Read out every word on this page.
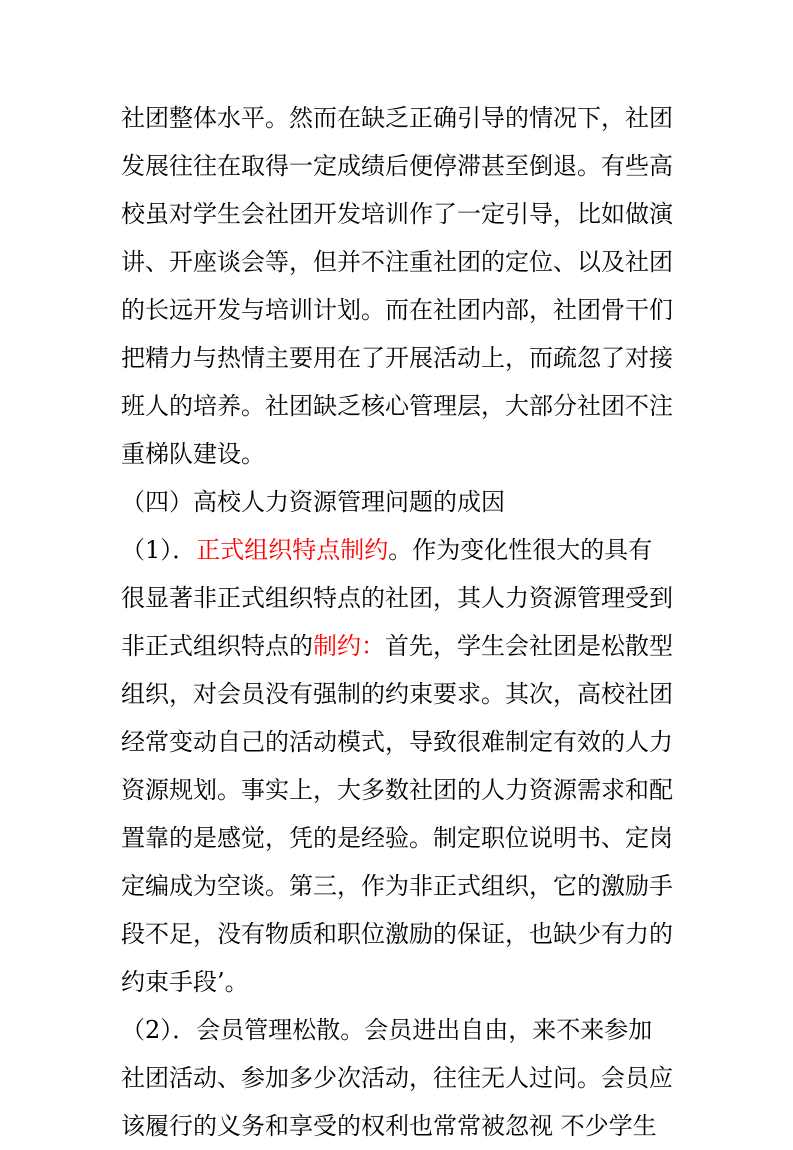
社团整体水平。然而在缺乏正确引导的情况下，社团
发展往往在取得一定成绩后便停滞甚至倒退。有些高
校虽对学生会社团开发培训作了一定引导，比如做演
讲、开座谈会等，但并不注重社团的定位、以及社团
的长远开发与培训计划。而在社团内部，社团骨干们
把精力与热情主要用在了开展活动上，而疏忽了对接
班人的培养。社团缺乏核心管理层，大部分社团不注
重梯队建设。
（四）高校人力资源管理问题的成因
（1）．正式组织特点制约。作为变化性很大的具有
很显著非正式组织特点的社团，其人力资源管理受到
非正式组织特点的制约：首先，学生会社团是松散型
组织，对会员没有强制的约束要求。其次，高校社团
经常变动自己的活动模式，导致很难制定有效的人力
资源规划。事实上，大多数社团的人力资源需求和配
置靠的是感觉，凭的是经验。制定职位说明书、定岗
定编成为空谈。第三，作为非正式组织，它的激励手
段不足，没有物质和职位激励的保证，也缺少有力的
约束手段’。
（2）．会员管理松散。会员进出自由，来不来参加
社团活动、参加多少次活动，往往无人过问。会员应
该履行的义务和享受的权利也常常被忽视 不少学生
